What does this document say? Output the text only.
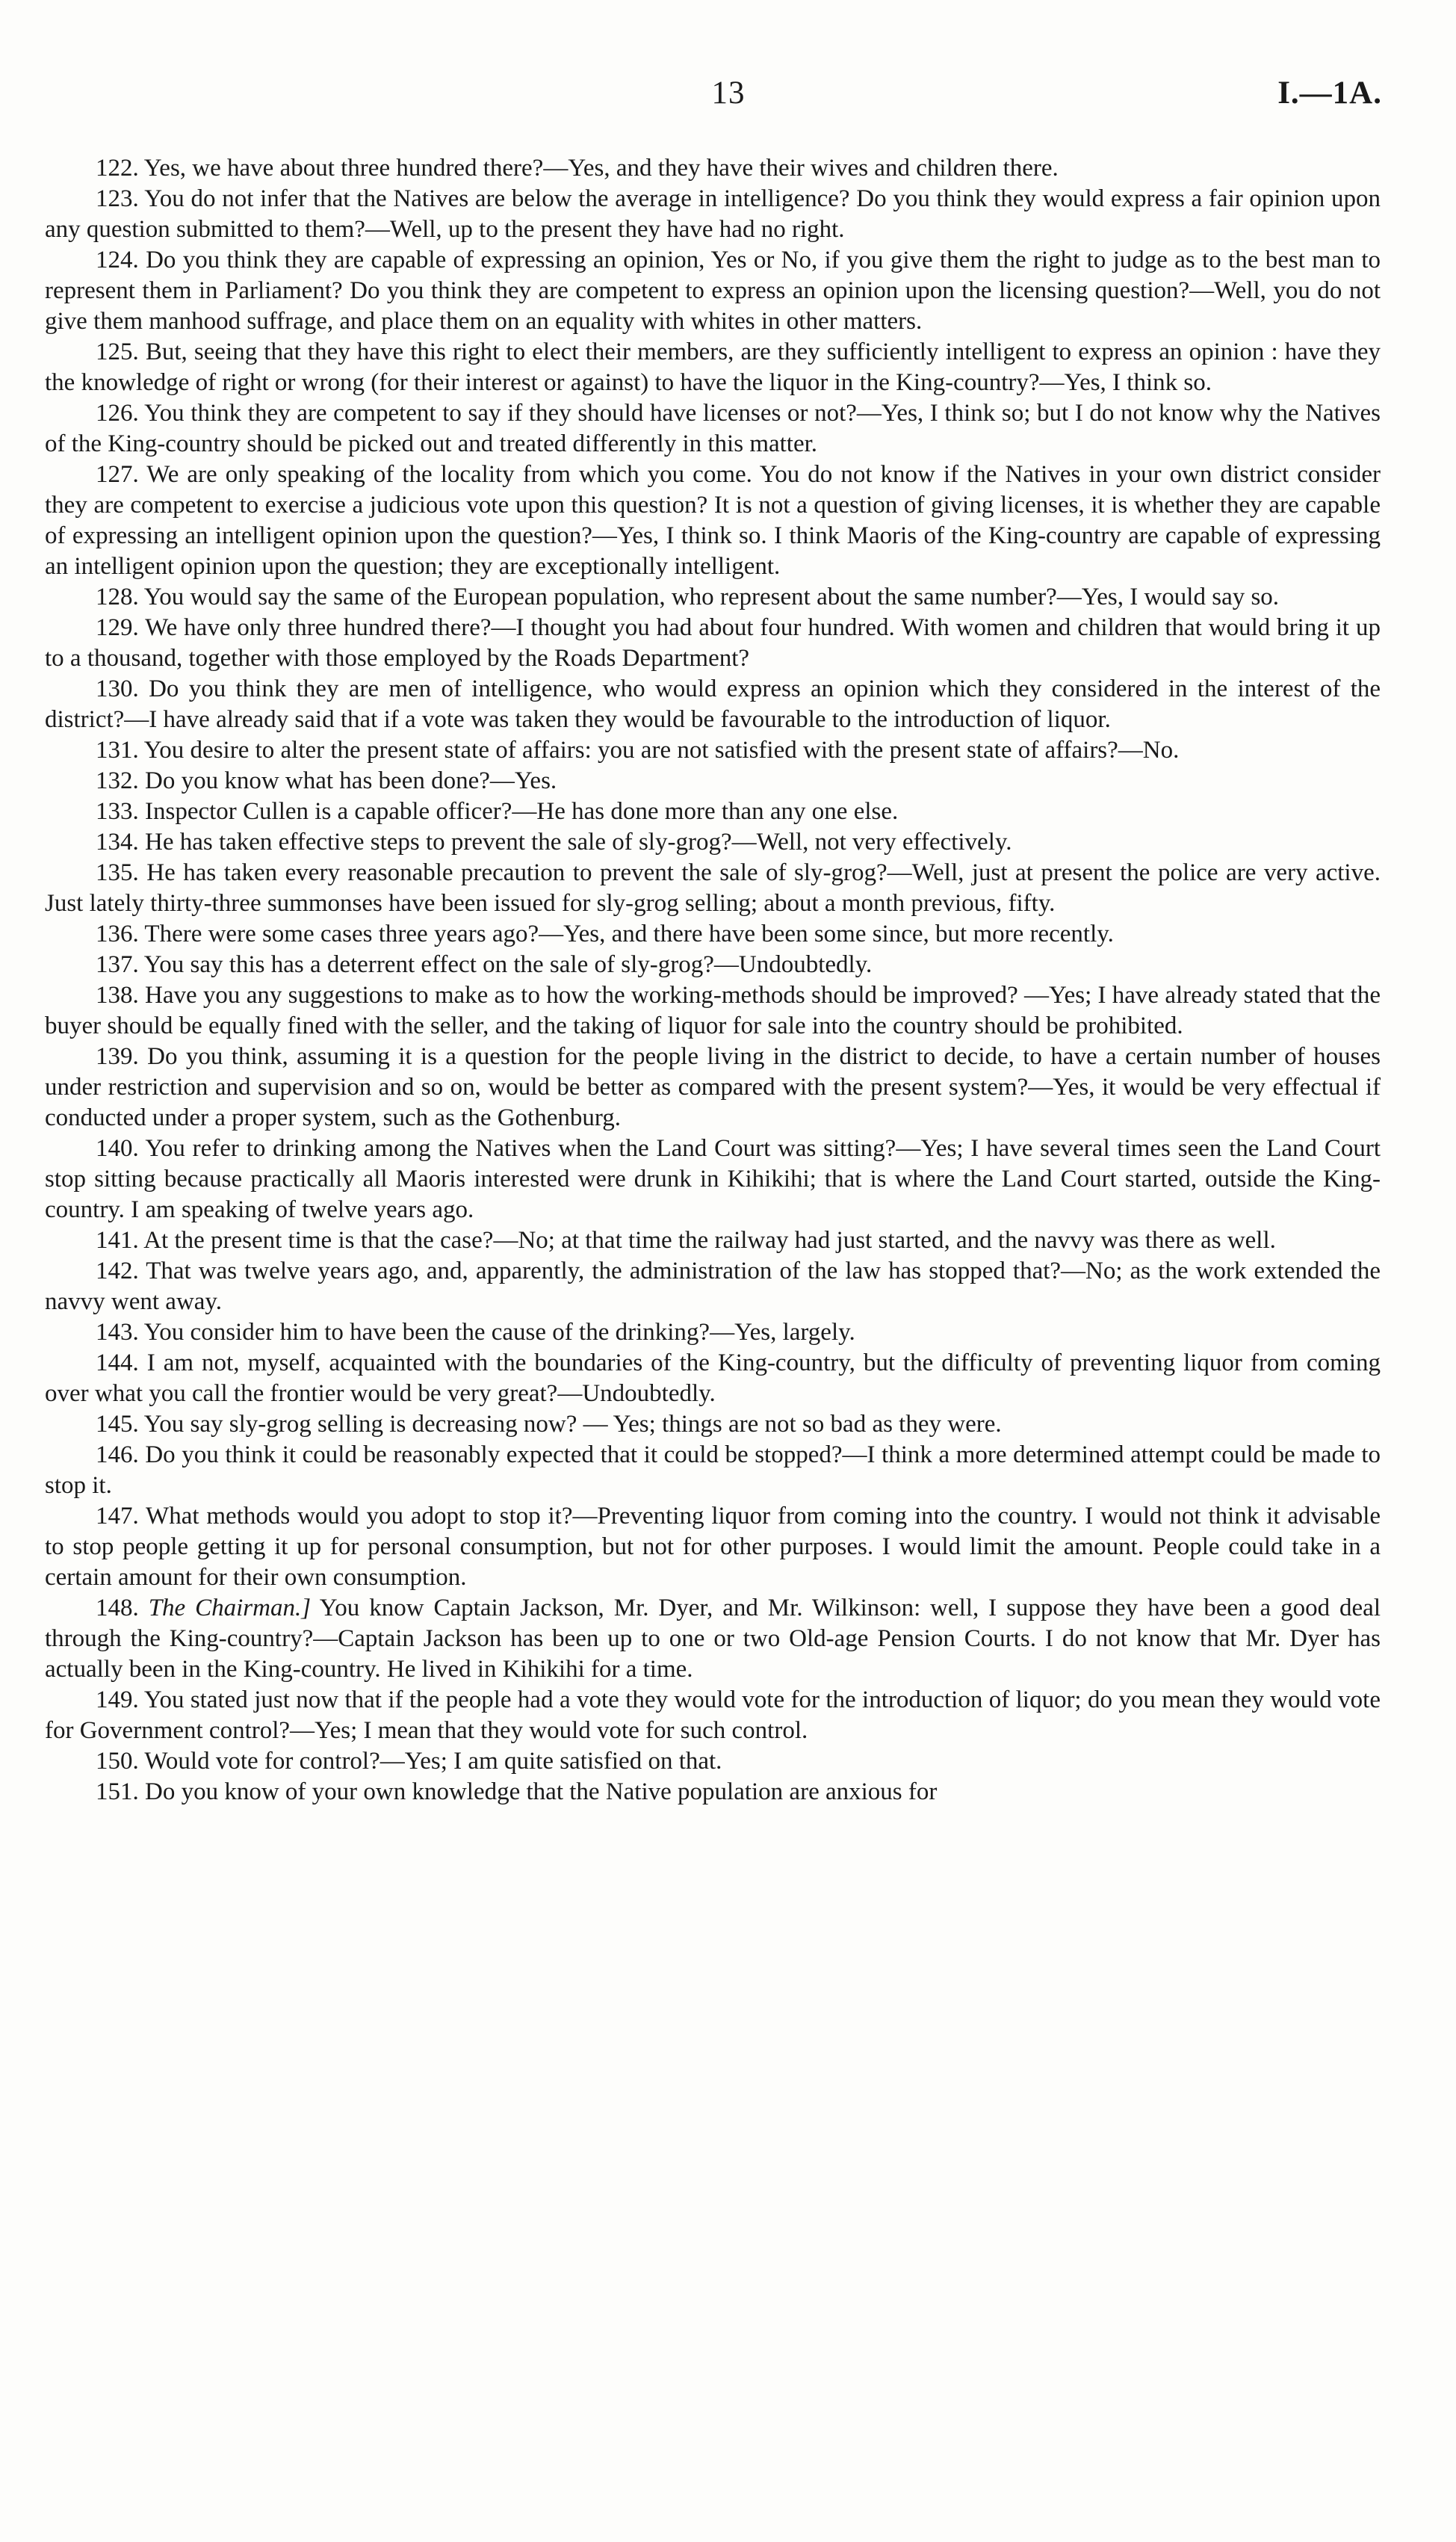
13	I.—1A.

122. Yes, we have about three hundred there?—Yes, and they have their wives and children there.

123. You do not infer that the Natives are below the average in intelligence? Do you think they would express a fair opinion upon any question submitted to them?—Well, up to the present they have had no right.

124. Do you think they are capable of expressing an opinion, Yes or No, if you give them the right to judge as to the best man to represent them in Parliament? Do you think they are competent to express an opinion upon the licensing question?—Well, you do not give them manhood suffrage, and place them on an equality with whites in other matters.

125. But, seeing that they have this right to elect their members, are they sufficiently intelligent to express an opinion : have they the knowledge of right or wrong (for their interest or against) to have the liquor in the King-country?—Yes, I think so.

126. You think they are competent to say if they should have licenses or not?—Yes, I think so; but I do not know why the Natives of the King-country should be picked out and treated differently in this matter.

127. We are only speaking of the locality from which you come. You do not know if the Natives in your own district consider they are competent to exercise a judicious vote upon this question? It is not a question of giving licenses, it is whether they are capable of expressing an intelligent opinion upon the question?—Yes, I think so. I think Maoris of the King-country are capable of expressing an intelligent opinion upon the question; they are exceptionally intelligent.

128. You would say the same of the European population, who represent about the same number?—Yes, I would say so.

129. We have only three hundred there?—I thought you had about four hundred. With women and children that would bring it up to a thousand, together with those employed by the Roads Department?

130. Do you think they are men of intelligence, who would express an opinion which they considered in the interest of the district?—I have already said that if a vote was taken they would be favourable to the introduction of liquor.

131. You desire to alter the present state of affairs: you are not satisfied with the present state of affairs?—No.

132. Do you know what has been done?—Yes.

133. Inspector Cullen is a capable officer?—He has done more than any one else.

134. He has taken effective steps to prevent the sale of sly-grog?—Well, not very effectively.

135. He has taken every reasonable precaution to prevent the sale of sly-grog?—Well, just at present the police are very active. Just lately thirty-three summonses have been issued for sly-grog selling; about a month previous, fifty.

136. There were some cases three years ago?—Yes, and there have been some since, but more recently.

137. You say this has a deterrent effect on the sale of sly-grog?—Undoubtedly.

138. Have you any suggestions to make as to how the working-methods should be improved? —Yes; I have already stated that the buyer should be equally fined with the seller, and the taking of liquor for sale into the country should be prohibited.

139. Do you think, assuming it is a question for the people living in the district to decide, to have a certain number of houses under restriction and supervision and so on, would be better as compared with the present system?—Yes, it would be very effectual if conducted under a proper system, such as the Gothenburg.

140. You refer to drinking among the Natives when the Land Court was sitting?—Yes; I have several times seen the Land Court stop sitting because practically all Maoris interested were drunk in Kihikihi; that is where the Land Court started, outside the King-country. I am speaking of twelve years ago.

141. At the present time is that the case?—No; at that time the railway had just started, and the navvy was there as well.

142. That was twelve years ago, and, apparently, the administration of the law has stopped that?—No; as the work extended the navvy went away.

143. You consider him to have been the cause of the drinking?—Yes, largely.

144. I am not, myself, acquainted with the boundaries of the King-country, but the difficulty of preventing liquor from coming over what you call the frontier would be very great?—Undoubtedly.

145. You say sly-grog selling is decreasing now? — Yes; things are not so bad as they were.

146. Do you think it could be reasonably expected that it could be stopped?—I think a more determined attempt could be made to stop it.

147. What methods would you adopt to stop it?—Preventing liquor from coming into the country. I would not think it advisable to stop people getting it up for personal consumption, but not for other purposes. I would limit the amount. People could take in a certain amount for their own consumption.

148. The Chairman.] You know Captain Jackson, Mr. Dyer, and Mr. Wilkinson: well, I suppose they have been a good deal through the King-country?—Captain Jackson has been up to one or two Old-age Pension Courts. I do not know that Mr. Dyer has actually been in the King-country. He lived in Kihikihi for a time.

149. You stated just now that if the people had a vote they would vote for the introduction of liquor; do you mean they would vote for Government control?—Yes; I mean that they would vote for such control.

150. Would vote for control?—Yes; I am quite satisfied on that.

151. Do you know of your own knowledge that the Native population are anxious for
